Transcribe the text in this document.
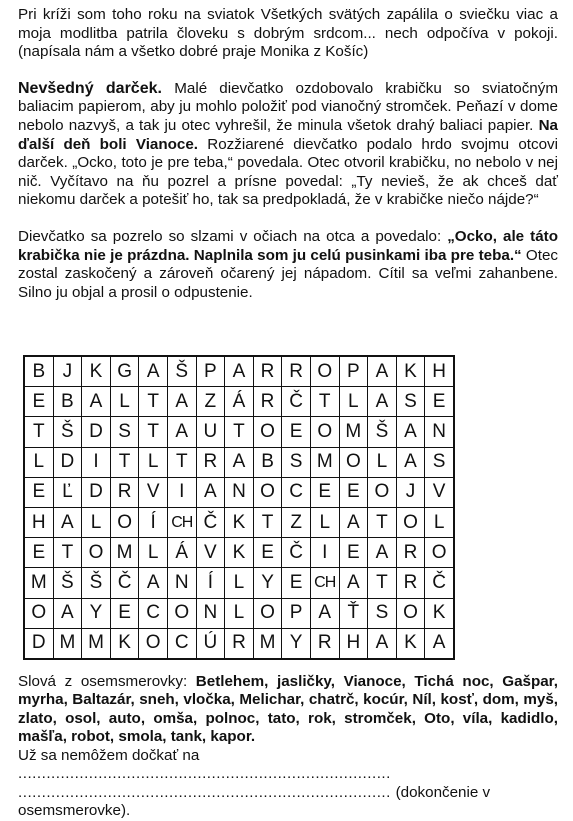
Pri kríži som toho roku na sviatok Všetkých svätých zapálila o sviečku viac a moja modlitba patrila človeku s dobrým srdcom... nech odpočíva v pokoji. (napísala nám a všetko dobré praje Monika z Košíc)

Nevšedný darček. Malé dievčatko ozdobovalo krabičku so sviatočným baliacim papierom, aby ju mohlo položiť pod vianočný stromček. Peňazí v dome nebolo nazvyš, a tak ju otec vyhrešil, že minula všetok drahý baliaci papier. Na ďalší deň boli Vianoce. Rozžiarené dievčatko podalo hrdo svojmu otcovi darček. „Ocko, toto je pre teba,“ povedala. Otec otvoril krabičku, no nebolo v nej nič. Vyčítavo na ňu pozrel a prísne povedal: „Ty nevieš, že ak chceš dať niekomu darček a potešiť ho, tak sa predpokladá, že v krabičke niečo nájde?“

Dievčatko sa pozrelo so slzami v očiach na otca a povedalo: „Ocko, ale táto krabička nie je prázdna. Naplnila som ju celú pusinkami iba pre teba.“ Otec zostal zaskočený a zároveň očarený jej nápadom. Cítil sa veľmi zahanbene. Silno ju objal a prosil o odpustenie.

B	J	K	G	A	Š	P	A	R	R	O	P	A	K	H
E	B	A	L	T	A	Z	Á	R	Č	T	L	A	S	E
T	Š	D	S	T	A	U	T	O	E	O	M	Š	A	N
L	D	I	T	L	T	R	A	B	S	M	O	L	A	S
E	Ľ	D	R	V	I	A	N	O	C	E	E	O	J	V
H	A	L	O	Í	CH	Č	K	T	Z	L	A	T	O	L
E	T	O	M	L	Á	V	K	E	Č	I	E	A	R	O
M	Š	Š	Č	A	N	Í	L	Y	E	CH	A	T	R	Č
O	A	Y	E	C	O	N	L	O	P	A	Ť	S	O	K
D	M	M	K	O	C	Ú	R	M	Y	R	H	A	K	A
Slová z osemsmerovky: Betlehem, jasličky, Vianoce, Tichá noc, Gašpar, myrha, Baltazár, sneh, vločka, Melichar, chatrč, kocúr, Níl, kosť, dom, myš, zlato, osol, auto, omša, polnoc, tato, rok, stromček, Oto, víla, kadidlo, mašľa, robot, smola, tank, kapor.
Už sa nemôžem dočkať na ...............................................................................
............................................................................... (dokončenie v osemsmerovke).
